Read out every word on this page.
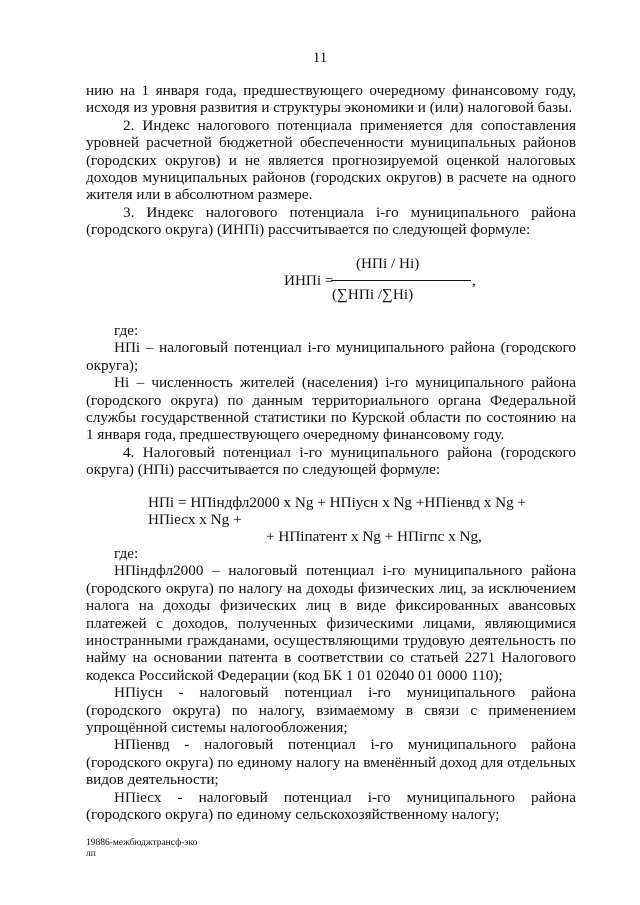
11

нию на 1 января года, предшествующего очередному финансовому году, исходя из уровня развития и структуры экономики и (или) налоговой базы.

2. Индекс налогового потенциала применяется для сопоставления уровней расчетной бюджетной обеспеченности муниципальных районов (городских округов) и не является прогнозируемой оценкой налоговых доходов муниципальных районов (городских округов) в расчете на одного жителя или в абсолютном размере.

3. Индекс налогового потенциала i-го муниципального района (городского округа) (ИНПi) рассчитывается по следующей формуле:

ИНПi =
(НПi / Нi)
(∑НПi /∑Нi)
,

где:

НПi – налоговый потенциал i-го муниципального района (городского округа);

Нi – численность жителей (населения) i-го муниципального района (городского округа) по данным территориального органа Федеральной службы государственной статистики по Курской области по состоянию на 1 января года, предшествующего очередному финансовому году.

4. Налоговый потенциал i-го муниципального района (городского округа) (НПi) рассчитывается по следующей формуле:

НПi = НПiндфл2000 x Ng + НПiусн x Ng +НПiенвд x Ng + НПiесх x Ng +
+ НПiпатент x Ng + НПiгпс x Ng,

где:

НПiндфл2000 – налоговый потенциал i-го муниципального района (городского округа) по налогу на доходы физических лиц, за исключением налога на доходы физических лиц в виде фиксированных авансовых платежей с доходов, полученных физическими лицами, являющимися иностранными гражданами, осуществляющими трудовую деятельность по найму на основании патента в соответствии со статьей 2271 Налогового кодекса Российской Федерации (код БК 1 01 02040 01 0000 110);

НПiусн - налоговый потенциал i-го муниципального района (городского округа) по налогу, взимаемому в связи с применением упрощённой системы налогообложения;

НПiенвд - налоговый потенциал i-го муниципального района (городского округа) по единому налогу на вменённый доход для отдельных видов деятельности;

НПiесх - налоговый потенциал i-го муниципального района (городского округа) по единому сельскохозяйственному налогу;

19886-межбюджтрансф-эко
лп
